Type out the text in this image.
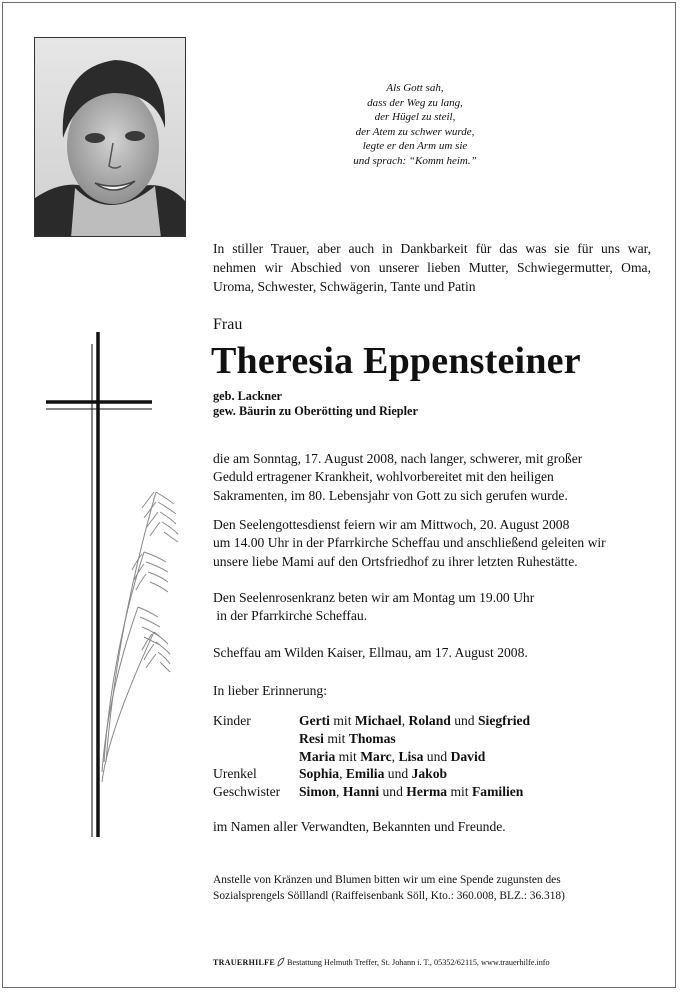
Als Gott sah,
dass der Weg zu lang,
der Hügel zu steil,
der Atem zu schwer wurde,
legte er den Arm um sie
und sprach: “Komm heim.”
In stiller Trauer, aber auch in Dankbarkeit für das was sie für uns war,
nehmen wir Abschied von unserer lieben Mutter, Schwiegermutter, Oma,
Uroma, Schwester, Schwägerin, Tante und Patin
Frau
Theresia Eppensteiner
geb. Lackner
gew. Bäurin zu Oberötting und Riepler
die am Sonntag, 17. August 2008, nach langer, schwerer, mit großer
Geduld ertragener Krankheit, wohlvorbereitet mit den heiligen
Sakramenten, im 80. Lebensjahr von Gott zu sich gerufen wurde.
Den Seelengottesdienst feiern wir am Mittwoch, 20. August 2008
um 14.00 Uhr in der Pfarrkirche Scheffau und anschließend geleiten wir
unsere liebe Mami auf den Ortsfriedhof zu ihrer letzten Ruhestätte.
Den Seelenrosenkranz beten wir am Montag um 19.00 Uhr
in der Pfarrkirche Scheffau.
Scheffau am Wilden Kaiser, Ellmau, am 17. August 2008.
In lieber Erinnerung:
Kinder	Gerti mit Michael, Roland und Siegfried
Resi mit Thomas
Maria mit Marc, Lisa und David
Urenkel	Sophia, Emilia und Jakob
Geschwister	Simon, Hanni und Herma mit Familien
im Namen aller Verwandten, Bekannten und Freunde.
Anstelle von Kränzen und Blumen bitten wir um eine Spende zugunsten des
Sozialsprengels Sölllandl (Raiffeisenbank Söll, Kto.: 360.008, BLZ.: 36.318)
TRAUERHILFE Bestattung Helmuth Treffer, St. Johann i. T., 05352/62115, www.trauerhilfe.info
